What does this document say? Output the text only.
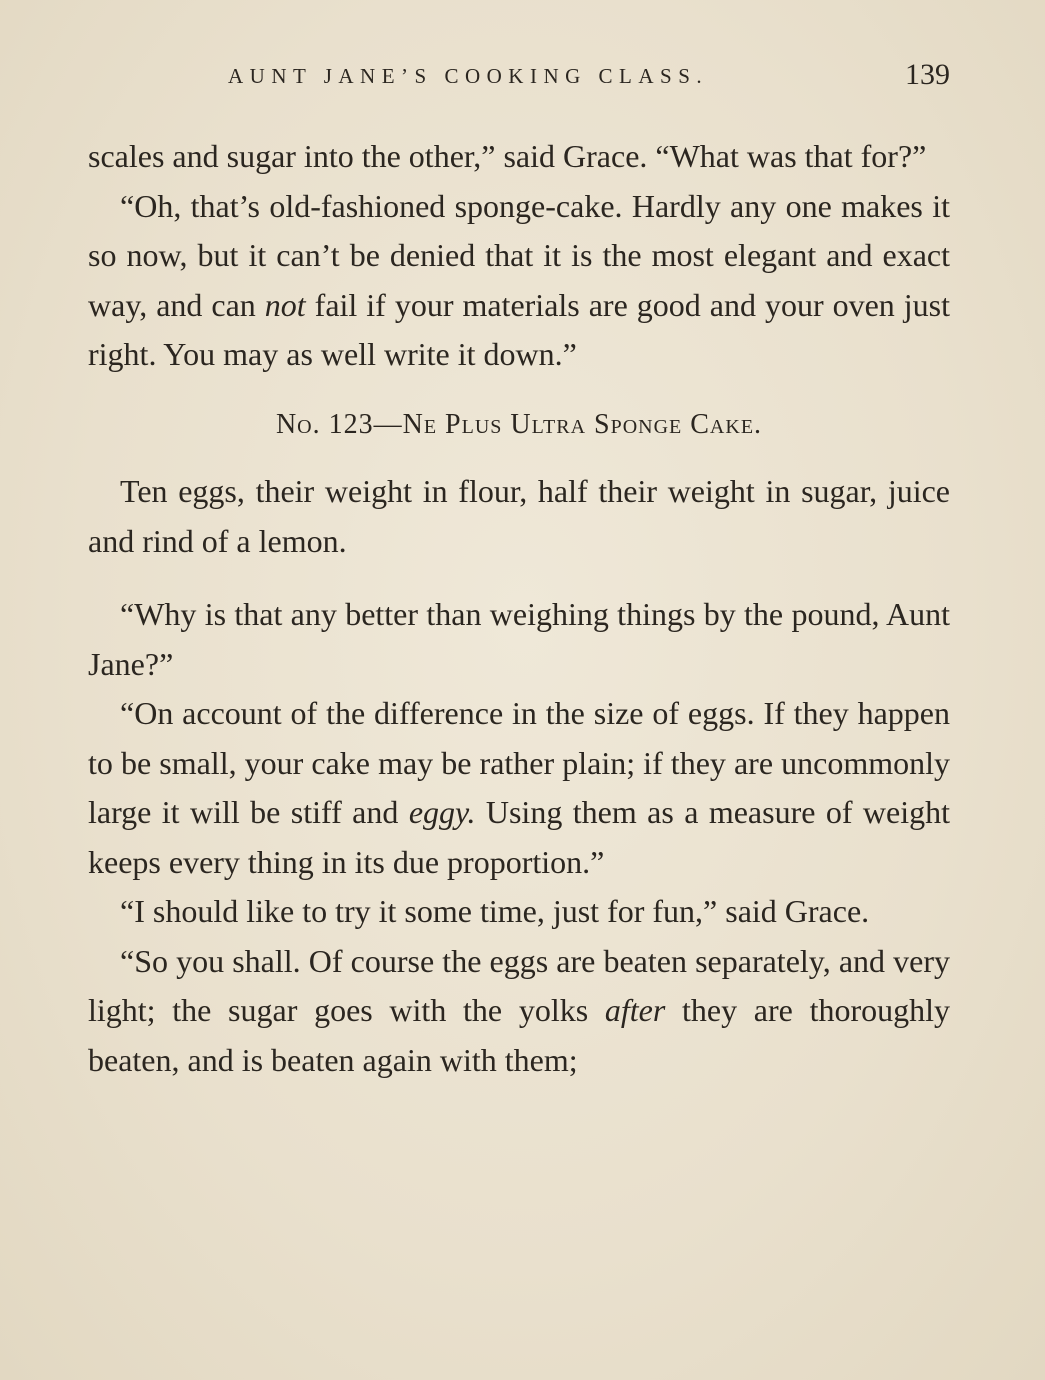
AUNT JANE’S COOKING CLASS.	139

scales and sugar into the other,” said Grace. “What was that for?”

“Oh, that’s old-fashioned sponge-cake. Hardly any one makes it so now, but it can’t be denied that it is the most elegant and exact way, and can not fail if your materials are good and your oven just right. You may as well write it down.”

No. 123—Ne Plus Ultra Sponge Cake.

Ten eggs, their weight in flour, half their weight in sugar, juice and rind of a lemon.

“Why is that any better than weighing things by the pound, Aunt Jane?”

“On account of the difference in the size of eggs. If they happen to be small, your cake may be rather plain; if they are uncommonly large it will be stiff and eggy. Using them as a measure of weight keeps every thing in its due proportion.”

“I should like to try it some time, just for fun,” said Grace.

“So you shall. Of course the eggs are beaten separately, and very light; the sugar goes with the yolks after they are thoroughly beaten, and is beaten again with them;
